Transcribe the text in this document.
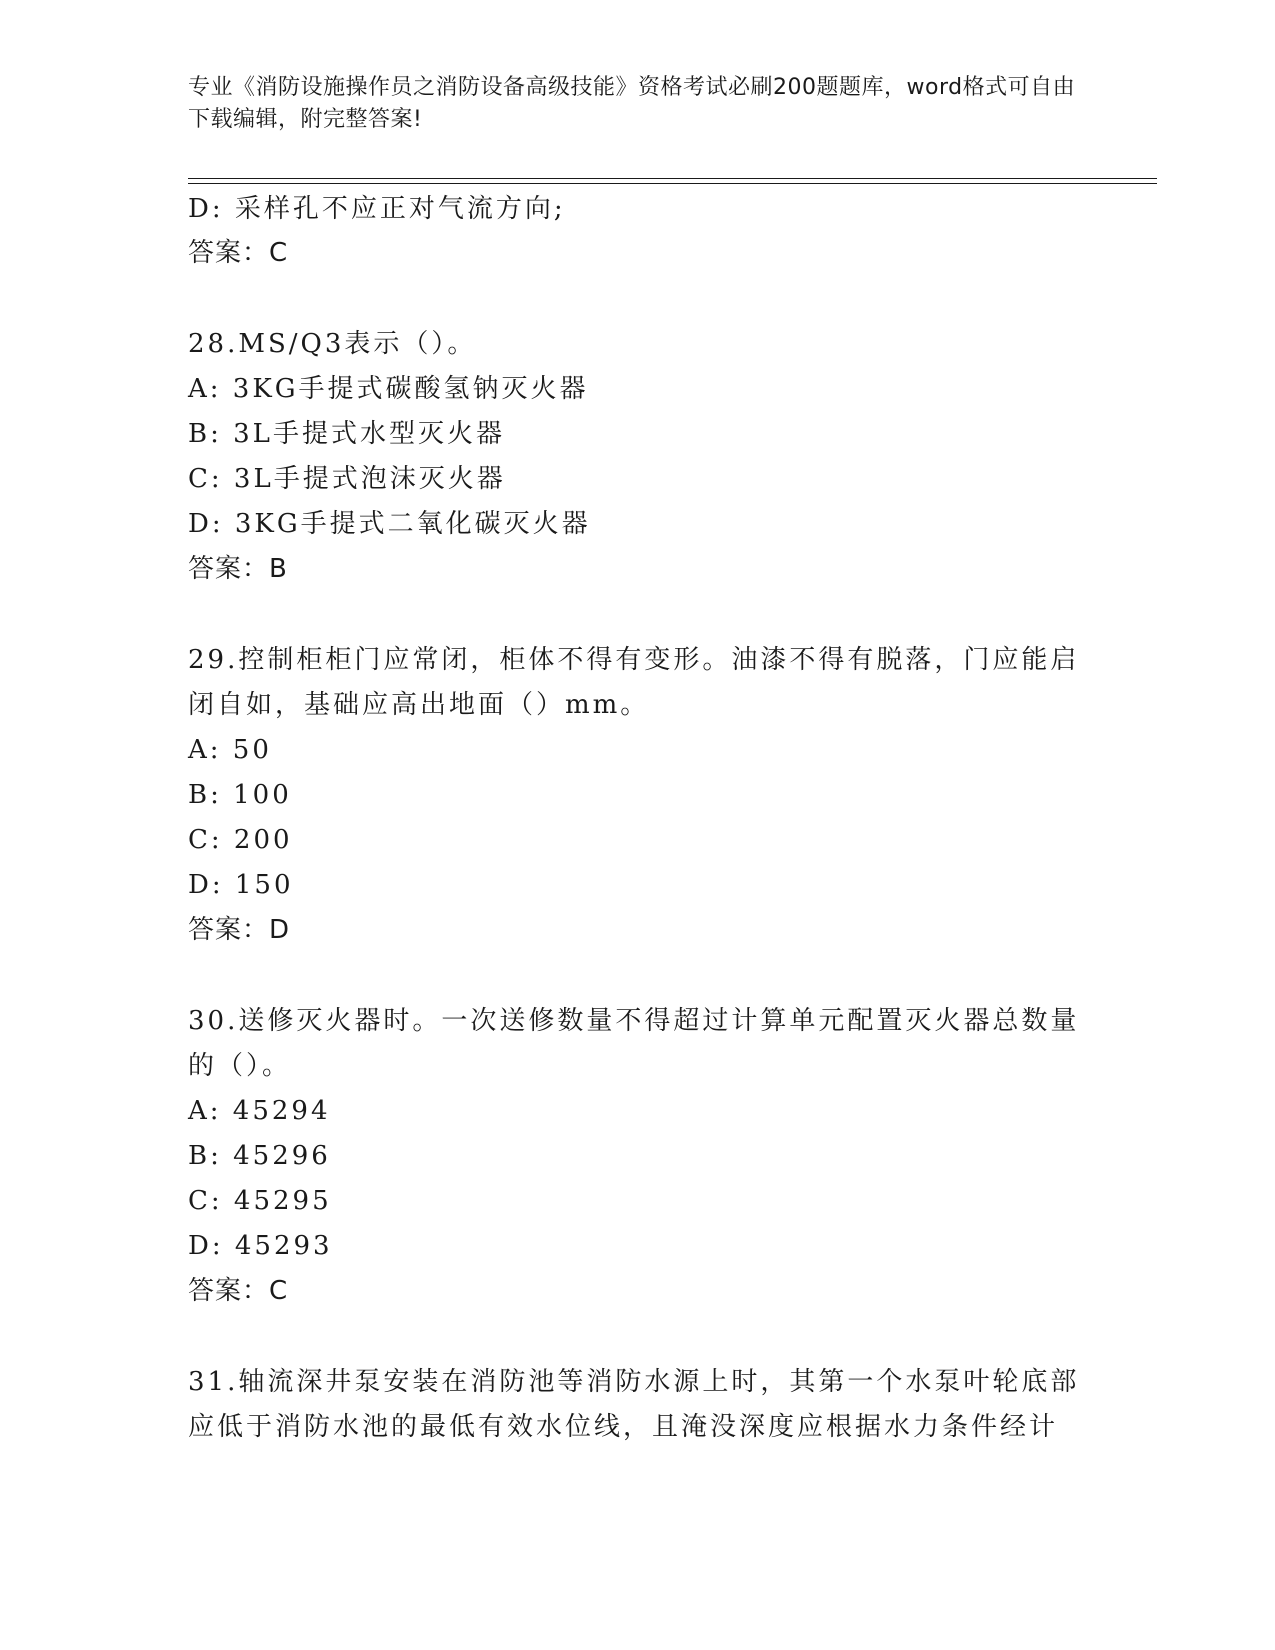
专业《消防设施操作员之消防设备高级技能》资格考试必刷200题题库，word格式可自由下载编辑，附完整答案!
D: 采样孔不应正对气流方向;
答案：C
28.MS/Q3表示（）。
A: 3KG手提式碳酸氢钠灭火器
B: 3L手提式水型灭火器
C: 3L手提式泡沫灭火器
D: 3KG手提式二氧化碳灭火器
答案：B
29.控制柜柜门应常闭，柜体不得有变形。油漆不得有脱落，门应能启
闭自如，基础应高出地面（）mm。
A: 50
B: 100
C: 200
D: 150
答案：D
30.送修灭火器时。一次送修数量不得超过计算单元配置灭火器总数量
的（）。
A: 45294
B: 45296
C: 45295
D: 45293
答案：C
31.轴流深井泵安装在消防池等消防水源上时，其第一个水泵叶轮底部
应低于消防水池的最低有效水位线，且淹没深度应根据水力条件经计
